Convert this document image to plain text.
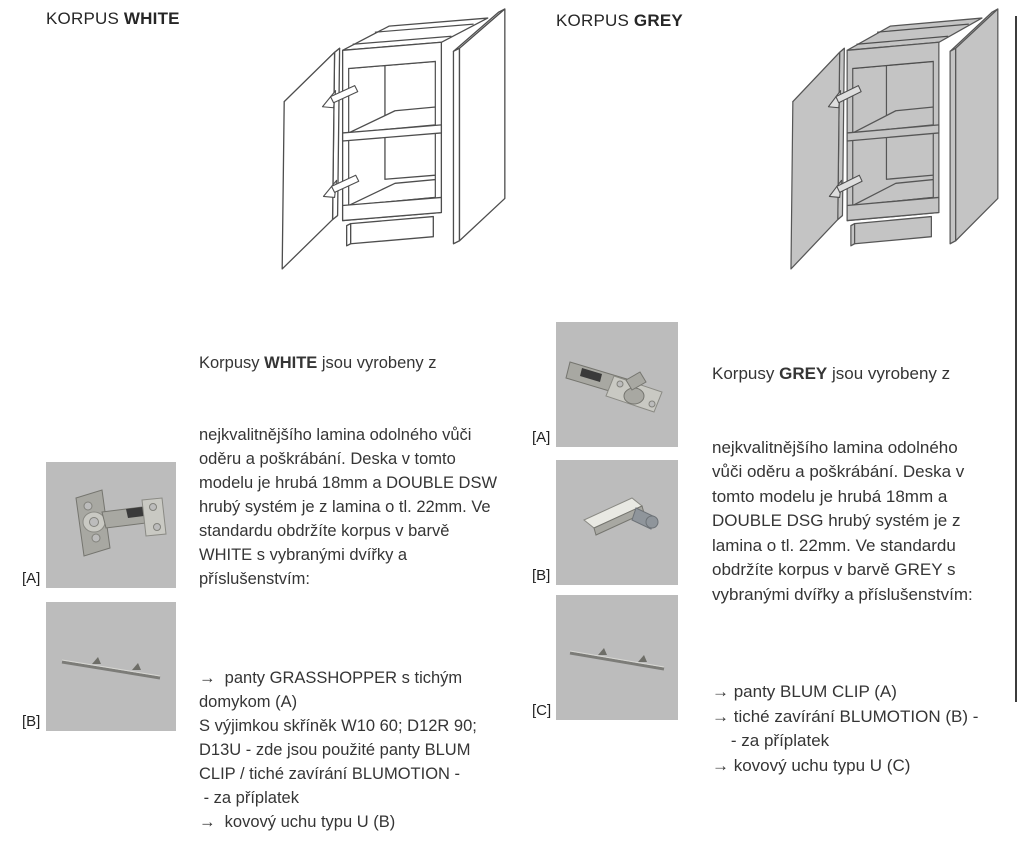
KORPUS WHITE

Korpusy WHITE jsou vyrobeny z

nejkvalitnějšího lamina odolného vůči
oděru a poškrábání. Deska v tomto
modelu je hrubá 18mm a DOUBLE DSW
hrubý systém je z lamina o tl. 22mm. Ve
standardu obdržíte korpus v barvě
WHITE s vybranými dvířky a
příslušenstvím:

→  panty GRASSHOPPER s tichým
domykom (A)
S výjimkou skříněk W10 60; D12R 90;
D13U - zde jsou použité panty BLUM
CLIP / tiché zavírání BLUMOTION -
- za příplatek
→  kovový uchu typu U (B)

[A]
[B]
KORPUS GREY

Korpusy GREY jsou vyrobeny z

nejkvalitnějšího lamina odolného
vůči oděru a poškrábání. Deska v
tomto modelu je hrubá 18mm a
DOUBLE DSG hrubý systém je z
lamina o tl. 22mm. Ve standardu
obdržíte korpus v barvě GREY s
vybranými dvířky a příslušenstvím:

→ panty BLUM CLIP (A)
→ tiché zavírání BLUMOTION (B) -
- za příplatek
→ kovový uchu typu U (C)

[A]
[B]
[C]
